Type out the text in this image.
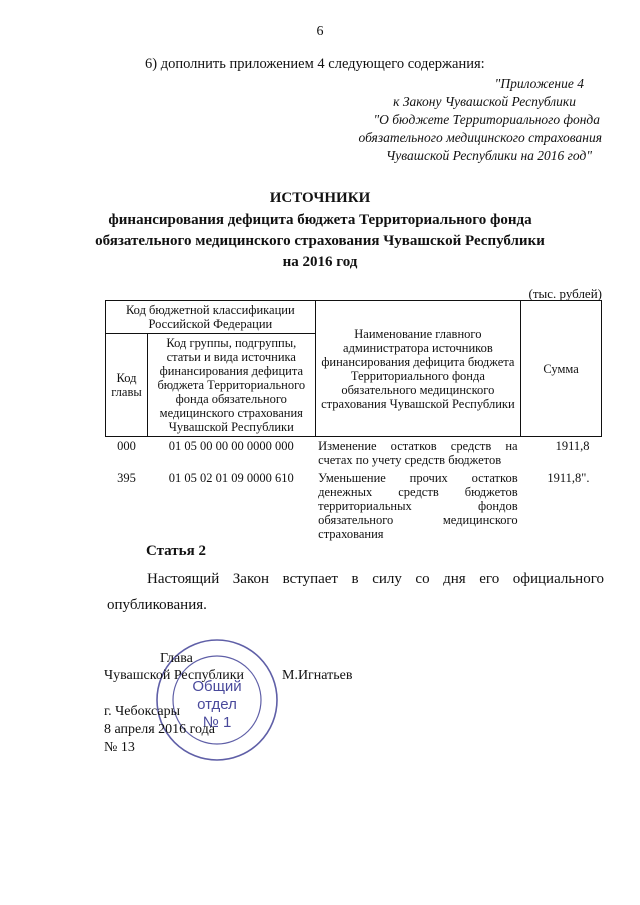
6
6) дополнить приложением 4 следующего содержания:
"Приложение 4
к Закону Чувашской Республики
"О бюджете Территориального фонда
обязательного медицинского страхования
Чувашской Республики на 2016 год"
ИСТОЧНИКИ
финансирования дефицита бюджета Территориального фонда
обязательного медицинского страхования Чувашской Республики
на 2016 год
(тыс. рублей)
Код бюджетной классификации Российской Федерации		Наименование главного администратора источников финансирования дефицита бюджета Территориального фонда обязательного медицинского страхования Чувашской Республики	Сумма
Код главы	Код группы, подгруппы, статьи и вида источника финансирования дефицита бюджета Территориального фонда обязательного медицинского страхования Чувашской Республики		
000	01 05 00 00 00 0000 000	Изменение остатков средств на счетах по учету средств бюджетов	1911,8
395	01 05 02 01 09 0000 610	Уменьшение прочих остатков денежных средств бюджетов территориальных фондов обязательного медицинского страхования	1911,8".
Статья 2
Настоящий Закон вступает в силу со дня его официального опубликования.
Общий
отдел
№ 1
Глава
Чувашской Республики	М.Игнатьев
г. Чебоксары
8 апреля 2016 года
№ 13
